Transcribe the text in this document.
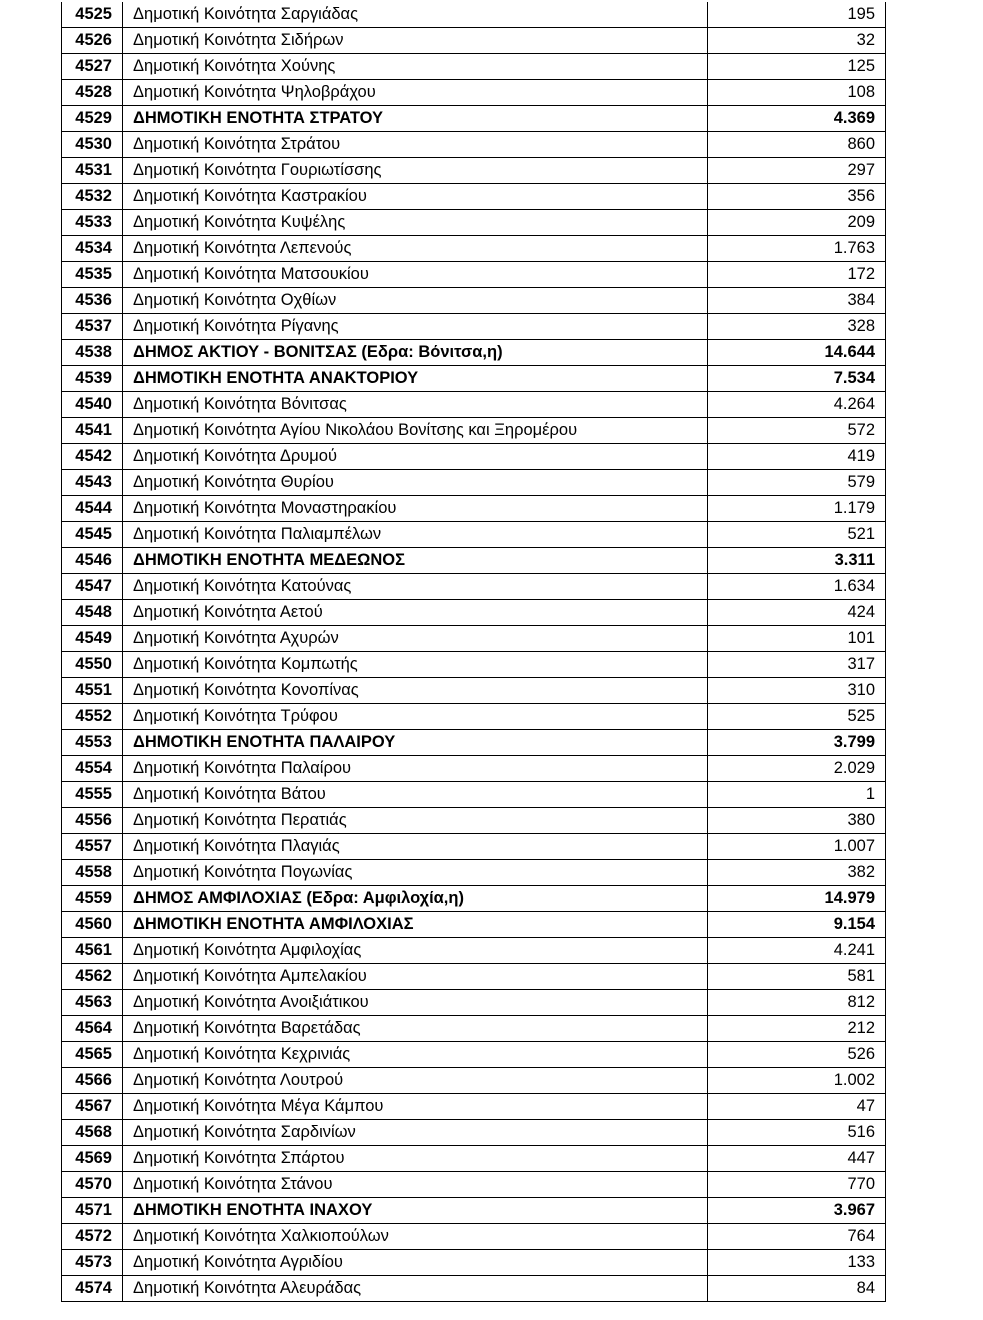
4525	Δημοτική Κοινότητα Σαργιάδας	195
4526	Δημοτική Κοινότητα Σιδήρων	32
4527	Δημοτική Κοινότητα Χούνης	125
4528	Δημοτική Κοινότητα Ψηλοβράχου	108
4529	ΔΗΜΟΤΙΚΗ ΕΝΟΤΗΤΑ ΣΤΡΑΤΟΥ	4.369
4530	Δημοτική Κοινότητα Στράτου	860
4531	Δημοτική Κοινότητα Γουριωτίσσης	297
4532	Δημοτική Κοινότητα Καστρακίου	356
4533	Δημοτική Κοινότητα Κυψέλης	209
4534	Δημοτική Κοινότητα Λεπενούς	1.763
4535	Δημοτική Κοινότητα Ματσουκίου	172
4536	Δημοτική Κοινότητα Οχθίων	384
4537	Δημοτική Κοινότητα Ρίγανης	328
4538	ΔΗΜΟΣ ΑΚΤΙΟΥ - ΒΟΝΙΤΣΑΣ (Εδρα: Βόνιτσα,η)	14.644
4539	ΔΗΜΟΤΙΚΗ ΕΝΟΤΗΤΑ ΑΝΑΚΤΟΡΙΟΥ	7.534
4540	Δημοτική Κοινότητα Βόνιτσας	4.264
4541	Δημοτική Κοινότητα Αγίου Νικολάου Βονίτσης και Ξηρομέρου	572
4542	Δημοτική Κοινότητα Δρυμού	419
4543	Δημοτική Κοινότητα Θυρίου	579
4544	Δημοτική Κοινότητα Μοναστηρακίου	1.179
4545	Δημοτική Κοινότητα Παλιαμπέλων	521
4546	ΔΗΜΟΤΙΚΗ ΕΝΟΤΗΤΑ ΜΕΔΕΩΝΟΣ	3.311
4547	Δημοτική Κοινότητα Κατούνας	1.634
4548	Δημοτική Κοινότητα Αετού	424
4549	Δημοτική Κοινότητα Αχυρών	101
4550	Δημοτική Κοινότητα Κομπωτής	317
4551	Δημοτική Κοινότητα Κονοπίνας	310
4552	Δημοτική Κοινότητα Τρύφου	525
4553	ΔΗΜΟΤΙΚΗ ΕΝΟΤΗΤΑ ΠΑΛΑΙΡΟΥ	3.799
4554	Δημοτική Κοινότητα Παλαίρου	2.029
4555	Δημοτική Κοινότητα Βάτου	1
4556	Δημοτική Κοινότητα Περατιάς	380
4557	Δημοτική Κοινότητα Πλαγιάς	1.007
4558	Δημοτική Κοινότητα Πογωνίας	382
4559	ΔΗΜΟΣ ΑΜΦΙΛΟΧΙΑΣ (Εδρα: Αμφιλοχία,η)	14.979
4560	ΔΗΜΟΤΙΚΗ ΕΝΟΤΗΤΑ ΑΜΦΙΛΟΧΙΑΣ	9.154
4561	Δημοτική Κοινότητα Αμφιλοχίας	4.241
4562	Δημοτική Κοινότητα Αμπελακίου	581
4563	Δημοτική Κοινότητα Ανοιξιάτικου	812
4564	Δημοτική Κοινότητα Βαρετάδας	212
4565	Δημοτική Κοινότητα Κεχρινιάς	526
4566	Δημοτική Κοινότητα Λουτρού	1.002
4567	Δημοτική Κοινότητα Μέγα Κάμπου	47
4568	Δημοτική Κοινότητα Σαρδινίων	516
4569	Δημοτική Κοινότητα Σπάρτου	447
4570	Δημοτική Κοινότητα Στάνου	770
4571	ΔΗΜΟΤΙΚΗ ΕΝΟΤΗΤΑ ΙΝΑΧΟΥ	3.967
4572	Δημοτική Κοινότητα Χαλκιοπούλων	764
4573	Δημοτική Κοινότητα Αγριδίου	133
4574	Δημοτική Κοινότητα Αλευράδας	84
